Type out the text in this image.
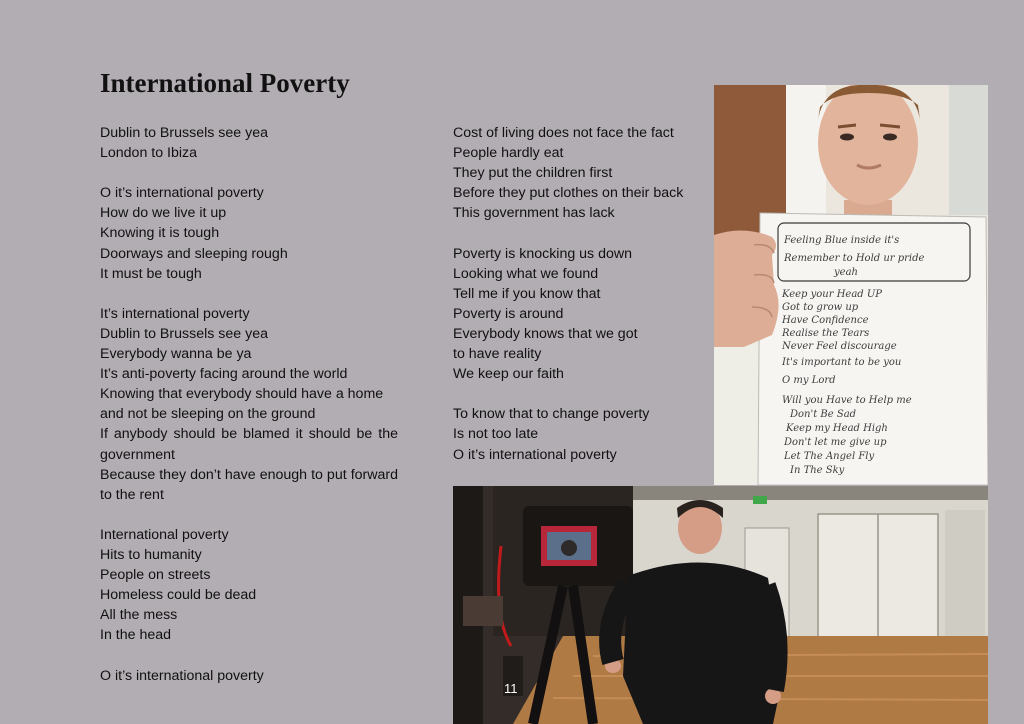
International Poverty
Dublin to Brussels see yea
London to Ibiza
O it’s international poverty
How do we live it up
Knowing it is tough
Doorways and sleeping rough
It must be tough
It’s international poverty
Dublin to Brussels see yea
Everybody wanna be ya
It’s anti-poverty facing around the world
Knowing that everybody should have a home
and not be sleeping on the ground
If anybody should be blamed it should be the government
Because they don’t have enough to put forward to the rent
International poverty
Hits to humanity
People on streets
Homeless could be dead
All the mess
In the head
O it’s international poverty
Cost of living does not face the fact
People hardly eat
They put the children first
Before they put clothes on their back
This government has lack
Poverty is knocking us down
Looking what we found
Tell me if you know that
Poverty is around
Everybody knows that we got
to have reality
We keep our faith
To know that to change poverty
Is not too late
O it’s international poverty
Feeling Blue inside it's
Remember to Hold ur pride
yeah
Keep your Head UP
Got to grow up
Have Confidence
Realise the Tears
Never Feel discourage
It's important to be you
O my Lord
Will you Have to Help me
Don't Be Sad
Keep my Head High
Don't let me give up
Let The Angel Fly
In The Sky
11
